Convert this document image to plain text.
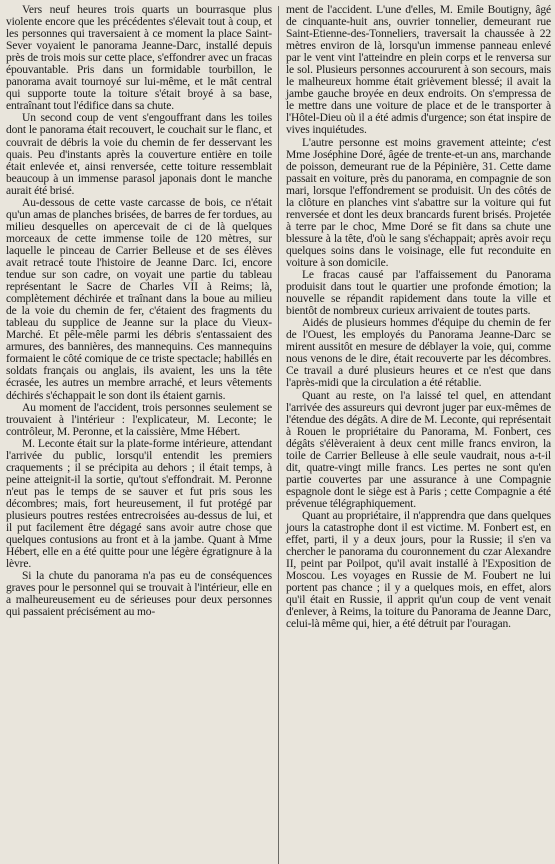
Vers neuf heures trois quarts un bourrasque plus violente encore que les précédentes s'élevait tout à coup, et les personnes qui traversaient à ce moment la place Saint-Sever voyaient le panorama Jeanne-Darc, installé depuis près de trois mois sur cette place, s'effondrer avec un fracas épouvantable. Pris dans un formidable tourbillon, le panorama avait tournoyé sur lui-même, et le mât central qui supporte toute la toiture s'était broyé à sa base, entraînant tout l'édifice dans sa chute.

Un second coup de vent s'engouffrant dans les toiles dont le panorama était recouvert, le couchait sur le flanc, et couvrait de débris la voie du chemin de fer desservant les quais. Peu d'instants après la couverture entière en toile était enlevée et, ainsi renversée, cette toiture ressemblait beaucoup à un immense parasol japonais dont le manche aurait été brisé.

Au-dessous de cette vaste carcasse de bois, ce n'était qu'un amas de planches brisées, de barres de fer tordues, au milieu desquelles on apercevait de ci de là quelques morceaux de cette immense toile de 120 mètres, sur laquelle le pinceau de Carrier Belleuse et de ses élèves avait retracé toute l'histoire de Jeanne Darc. Ici, encore tendue sur son cadre, on voyait une partie du tableau représentant le Sacre de Charles VII à Reims; là, complètement déchirée et traînant dans la boue au milieu de la voie du chemin de fer, c'étaient des fragments du tableau du supplice de Jeanne sur la place du Vieux-Marché. Et pêle-mêle parmi les débris s'entassaient des armures, des bannières, des mannequins. Ces mannequins formaient le côté comique de ce triste spectacle; habillés en soldats français ou anglais, ils avaient, les uns la tête écrasée, les autres un membre arraché, et leurs vêtements déchirés s'échappait le son dont ils étaient garnis.

Au moment de l'accident, trois personnes seulement se trouvaient à l'intérieur : l'explicateur, M. Leconte; le contrôleur, M. Peronne, et la caissière, Mme Hébert.

M. Leconte était sur la plate-forme intérieure, attendant l'arrivée du public, lorsqu'il entendit les premiers craquements ; il se précipita au dehors ; il était temps, à peine atteignit-il la sortie, qu'tout s'effondrait. M. Peronne n'eut pas le temps de se sauver et fut pris sous les décombres; mais, fort heureusement, il fut protégé par plusieurs poutres restées entrecroisées au-dessus de lui, et il put facilement être dégagé sans avoir autre chose que quelques contusions au front et à la jambe. Quant à Mme Hébert, elle en a été quitte pour une légère égratignure à la lèvre.

Si la chute du panorama n'a pas eu de conséquences graves pour le personnel qui se trouvait à l'intérieur, elle en a malheureusement eu de sérieuses pour deux personnes qui passaient précisément au mo-

ment de l'accident. L'une d'elles, M. Emile Boutigny, âgé de cinquante-huit ans, ouvrier tonnelier, demeurant rue Saint-Etienne-des-Tonneliers, traversait la chaussée à 22 mètres environ de là, lorsqu'un immense panneau enlevé par le vent vint l'atteindre en plein corps et le renversa sur le sol. Plusieurs personnes accoururent à son secours, mais le malheureux homme était grièvement blessé; il avait la jambe gauche broyée en deux endroits. On s'empressa de le mettre dans une voiture de place et de le transporter à l'Hôtel-Dieu où il a été admis d'urgence; son état inspire de vives inquiétudes.

L'autre personne est moins gravement atteinte; c'est Mme Joséphine Doré, âgée de trente-et-un ans, marchande de poisson, demeurant rue de la Pépinière, 31. Cette dame passait en voiture, près du panorama, en compagnie de son mari, lorsque l'effondrement se produisit. Un des côtés de la clôture en planches vint s'abattre sur la voiture qui fut renversée et dont les deux brancards furent brisés. Projetée à terre par le choc, Mme Doré se fit dans sa chute une blessure à la tête, d'où le sang s'échappait; après avoir reçu quelques soins dans le voisinage, elle fut reconduite en voiture à son domicile.

Le fracas causé par l'affaissement du Panorama produisit dans tout le quartier une profonde émotion; la nouvelle se répandit rapidement dans toute la ville et bientôt de nombreux curieux arrivaient de toutes parts.

Aidés de plusieurs hommes d'équipe du chemin de fer de l'Ouest, les employés du Panorama Jeanne-Darc se mirent aussitôt en mesure de déblayer la voie, qui, comme nous venons de le dire, était recouverte par les décombres. Ce travail a duré plusieurs heures et ce n'est que dans l'après-midi que la circulation a été rétablie.

Quant au reste, on l'a laissé tel quel, en attendant l'arrivée des assureurs qui devront juger par eux-mêmes de l'étendue des dégâts. A dire de M. Leconte, qui représentait à Rouen le propriétaire du Panorama, M. Fonbert, ces dégâts s'élèveraient à deux cent mille francs environ, la toile de Carrier Belleuse à elle seule vaudrait, nous a-t-il dit, quatre-vingt mille francs. Les pertes ne sont qu'en partie couvertes par une assurance à une Compagnie espagnole dont le siège est à Paris ; cette Compagnie a été prévenue télégraphiquement.

Quant au propriétaire, il n'apprendra que dans quelques jours la catastrophe dont il est victime. M. Fonbert est, en effet, parti, il y a deux jours, pour la Russie; il s'en va chercher le panorama du couronnement du czar Alexandre II, peint par Poilpot, qu'il avait installé à l'Exposition de Moscou. Les voyages en Russie de M. Foubert ne lui portent pas chance ; il y a quelques mois, en effet, alors qu'il était en Russie, il apprit qu'un coup de vent venait d'enlever, à Reims, la toiture du Panorama de Jeanne Darc, celui-là même qui, hier, a été détruit par l'ouragan.
